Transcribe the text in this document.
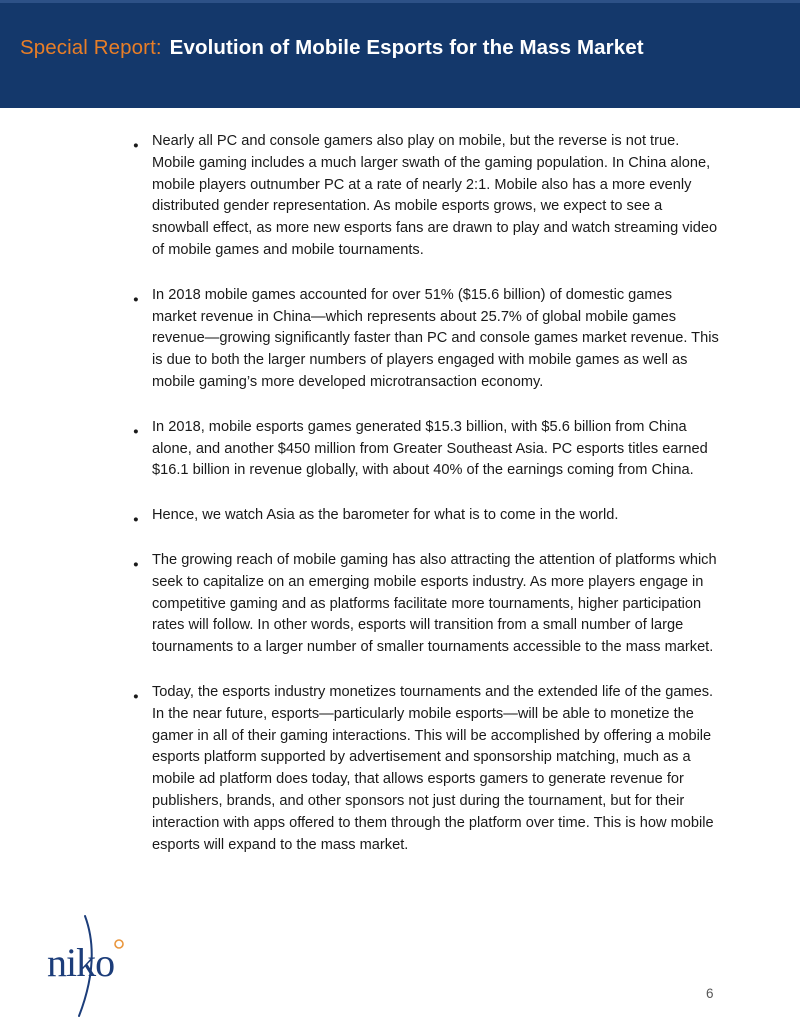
Special Report: Evolution of Mobile Esports for the Mass Market
● Nearly all PC and console gamers also play on mobile, but the reverse is not true. Mobile gaming includes a much larger swath of the gaming population. In China alone, mobile players outnumber PC at a rate of nearly 2:1. Mobile also has a more evenly distributed gender representation. As mobile esports grows, we expect to see a snowball effect, as more new esports fans are drawn to play and watch streaming video of mobile games and mobile tournaments.
● In 2018 mobile games accounted for over 51% ($15.6 billion) of domestic games market revenue in China—which represents about 25.7% of global mobile games revenue—growing significantly faster than PC and console games market revenue. This is due to both the larger numbers of players engaged with mobile games as well as mobile gaming’s more developed microtransaction economy.
● In 2018, mobile esports games generated $15.3 billion, with $5.6 billion from China alone, and another $450 million from Greater Southeast Asia. PC esports titles earned $16.1 billion in revenue globally, with about 40% of the earnings coming from China.
● Hence, we watch Asia as the barometer for what is to come in the world.
● The growing reach of mobile gaming has also attracting the attention of platforms which seek to capitalize on an emerging mobile esports industry. As more players engage in competitive gaming and as platforms facilitate more tournaments, higher participation rates will follow. In other words, esports will transition from a small number of large tournaments to a larger number of smaller tournaments accessible to the mass market.
● Today, the esports industry monetizes tournaments and the extended life of the games. In the near future, esports—particularly mobile esports—will be able to monetize the gamer in all of their gaming interactions. This will be accomplished by offering a mobile esports platform supported by advertisement and sponsorship matching, much as a mobile ad platform does today, that allows esports gamers to generate revenue for publishers, brands, and other sponsors not just during the tournament, but for their interaction with apps offered to them through the platform over time. This is how mobile esports will expand to the mass market.
niko
6
